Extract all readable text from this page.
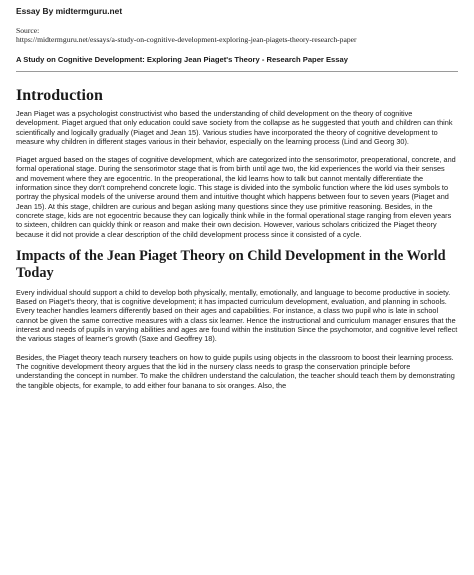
Essay By midtermguru.net
Source:
https://midtermguru.net/essays/a-study-on-cognitive-development-exploring-jean-piagets-theory-research-paper
A Study on Cognitive Development: Exploring Jean Piaget's Theory - Research Paper Essay
Introduction

Jean Piaget was a psychologist constructivist who based the understanding of child development on the theory of cognitive development. Piaget argued that only education could save society from the collapse as he suggested that youth and children can think scientifically and logically gradually (Piaget and Jean 15). Various studies have incorporated the theory of cognitive development to measure why children in different stages various in their behavior, especially on the learning process (Lind and Georg 30).

Piaget argued based on the stages of cognitive development, which are categorized into the sensorimotor, preoperational, concrete, and formal operational stage. During the sensorimotor stage that is from birth until age two, the kid experiences the world via their senses and movement where they are egocentric. In the preoperational, the kid learns how to talk but cannot mentally differentiate the information since they don't comprehend concrete logic. This stage is divided into the symbolic function where the kid uses symbols to portray the physical models of the universe around them and intuitive thought which happens between four to seven years (Piaget and Jean 15). At this stage, children are curious and began asking many questions since they use primitive reasoning. Besides, in the concrete stage, kids are not egocentric because they can logically think while in the formal operational stage ranging from eleven years to sixteen, children can quickly think or reason and make their own decision. However, various scholars criticized the Piaget theory because it did not provide a clear description of the child development process since it consisted of a cycle.

Impacts of the Jean Piaget Theory on Child Development in the World Today

Every individual should support a child to develop both physically, mentally, emotionally, and language to become productive in society. Based on Piaget's theory, that is cognitive development; it has impacted curriculum development, evaluation, and planning in schools. Every teacher handles learners differently based on their ages and capabilities. For instance, a class two pupil who is late in school cannot be given the same corrective measures with a class six learner. Hence the instructional and curriculum manager ensures that the interest and needs of pupils in varying abilities and ages are found within the institution Since the psychomotor, and cognitive level reflect the various stages of learner's growth (Saxe and Geoffrey 18).

Besides, the Piaget theory teach nursery teachers on how to guide pupils using objects in the classroom to boost their learning process. The cognitive development theory argues that the kid in the nursery class needs to grasp the conservation principle before understanding the concept in number. To make the children understand the calculation, the teacher should teach them by demonstrating the tangible objects, for example, to add either four banana to six oranges. Also, the
